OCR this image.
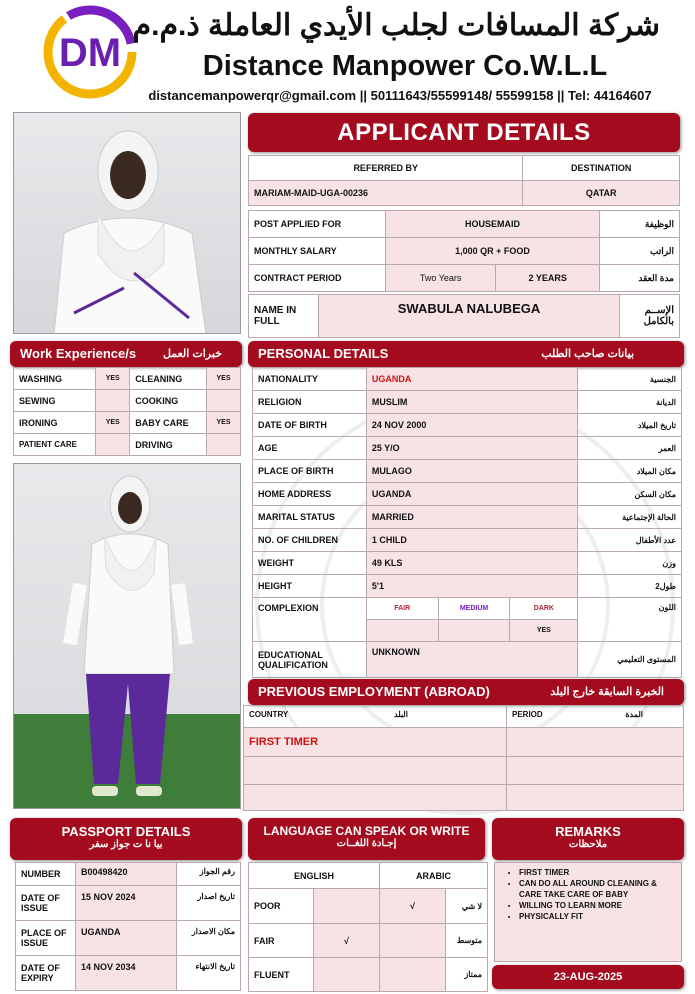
DM
شركة المسافات لجلب الأيدي العاملة ذ.م.م
Distance Manpower Co.W.L.L
distancemanpowerqr@gmail.com || 50111643/55599148/ 55599158 || Tel: 44164607
APPLICANT DETAILS
REFERRED BY	DESTINATION
MARIAM-MAID-UGA-00236	QATAR
POST APPLIED FOR	HOUSEMAID		الوظيفة
MONTHLY SALARY	1,000 QR + FOOD		الراتب
CONTRACT PERIOD	Two Years	2 YEARS	مدة العقد
NAME IN FULL	SWABULA NALUBEGA	الإســم بالكامل
Work Experience/s خبرات العمل
WASHING	YES	CLEANING	YES
SEWING		COOKING	
IRONING	YES	BABY CARE	YES
PATIENT CARE		DRIVING	
PERSONAL DETAILS	بيانات صاحب الطلب
NATIONALITY	UGANDA			الجنسية
RELIGION	MUSLIM			الديانة
DATE OF BIRTH	24 NOV 2000			تاريخ الميلاد
AGE	25 Y/O			العمر
PLACE OF BIRTH	MULAGO			مكان الميلاد
HOME ADDRESS	UGANDA			مكان السكن
MARITAL STATUS	MARRIED			الحالة الإجتماعية
NO. OF CHILDREN	1 CHILD			عدد الأطفال
WEIGHT	49 KLS			وزن
HEIGHT	5'1			طول2
COMPLEXION	FAIR	MEDIUM	DARK	اللون
			YES	
EDUCATIONAL QUALIFICATION	UNKNOWN			المستوى التعليمي
PREVIOUS EMPLOYMENT (ABROAD)	الخبرة السابقة خارج البلد
COUNTRY البلد	PERIOD المدة

FIRST TIMER	

PASSPORT DETAILS
بيا نا ت جواز سفر
NUMBER	B00498420	رقم الجواز
DATE OF ISSUE	15 NOV 2024	تاريخ اصدار
PLACE OF ISSUE	UGANDA	مكان الاصدار
DATE OF EXPIRY	14 NOV 2034	تاريخ الانتهاء
LANGUAGE CAN SPEAK OR WRITE
إجـادة اللغــات
ENGLISH		ARABIC	
POOR		√	لا شي
FAIR	√		متوسط
FLUENT			ممتاز
REMARKS
ملاحظات
• FIRST TIMER
• CAN DO ALL AROUND CLEANING & CARE TAKE CARE OF BABY
• WILLING TO LEARN MORE
• PHYSICALLY FIT
23-AUG-2025
